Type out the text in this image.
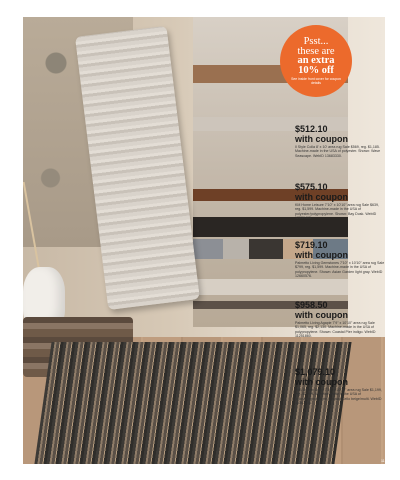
Psst...
these are
an extra
10% off
See inside front cover for coupon details
$512.10
with coupon
Il Style Colla 8' x 10' area rug Sale $569, reg. $1,185. Machine-made in the USA of polyester. Shown: Wave Seascape. WebID 13683330.
$575.10
with coupon
KM Home Leisure 7'10" x 10'10" area rug Sale $639, reg. $1,599. Machine-made in the USA of polyester/polypropylene. Shown: Bay Dusk. WebID 12539465.
$719.10
with coupon
Palmetto Living Gemstones 7'10" x 10'10" area rug Sale $799, reg. $1,599. Machine-made in the USA of polypropylene. Shown: Asian Garden light gray. WebID 12660576.
$958.50
with coupon
Palmetto Living Agapie 7'9" x 10'10" area rug Sale $1,065, reg. $2,130. Machine-made in the USA of polypropylene. Shown: Coastal Pier indigo. WebID 11251860.
$1,079.10
with coupon
JHB Design Deep 7'10" x 10'10" area rug Sale $1,199, reg. $2,399. Machine-made in the USA of nylon/polypropylene. Shown: Cello beige/multi. WebID 13367756.
11
